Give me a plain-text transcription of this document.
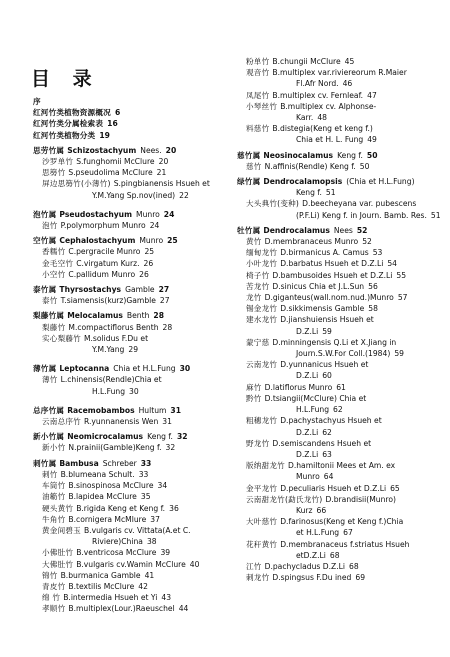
目 录
序
红河竹类植物资源概况 6
红河竹类分属检索表 16
红河竹类植物分类 19
思劳竹属 Schizostachyum Nees. 20
沙罗单竹 S.funghomii McClure 20
思簩竹 S.pseudolima McClure 21
屏边思簩竹(小薄竹) S.pingbianensis Hsueh et
Y.M.Yang Sp.nov(ined) 22
泡竹属 Pseudostachyum Munro 24
泡竹 P.polymorphum Munro 24
空竹属 Cephalostachyum Munro 25
香糯竹 C.pergracile Munro 25
金毛空竹 C.virgatum Kurz. 26
小空竹 C.pallidum Munro 26
泰竹属 Thyrsostachys Gamble 27
泰竹 T.siamensis(kurz)Gamble 27
梨藤竹属 Melocalamus Benth 28
梨藤竹 M.compactiflorus Benth 28
实心梨藤竹 M.solidus F.Du et
Y.M.Yang 29
薄竹属 Leptocanna Chia et H.L.Fung 30
薄竹 L.chinensis(Rendle)Chia et
H.L.Fung 30
总序竹属 Racemobambos Hultum 31
云南总序竹 R.yunnanensis Wen 31
新小竹属 Neomicrocalamus Keng f. 32
新小竹 N.prainii(Gamble)Keng f. 32
刺竹属 Bambusa Schreber 33
刺竹 B.blumeana Schult. 33
车筒竹 B.sinospinosa McClure 34
油簕竹 B.lapidea McClure 35
硬头黄竹 B.rigida Keng et Keng f. 36
牛角竹 B.cornigera McMlure 37
黄金间碧玉 B.vulgaris cv. Vittata(A.et C.
Riviere)China 38
小佛肚竹 B.ventricosa McClure 39
大佛肚竹 B.vulgaris cv.Wamin McClure 40
锦竹 B.burmanica Gamble 41
青皮竹 B.textilis McClure 42
绵 竹 B.intermedia Hsueh et Yi 43
孝顺竹 B.multiplex(Lour.)Raeuschel 44
粉单竹 B.chungii McClure 45
观音竹 B.multiplex var.riviereorum R.Maier
Fl.Afr Nord. 46
凤尾竹 B.multiplex cv. Fernleaf. 47
小琴丝竹 B.multiplex cv. Alphonse-
Karr. 48
料慈竹 B.distegia(Keng et keng f.)
Chia et H. L. Fung 49
慈竹属 Neosinocalamus Keng f. 50
慈竹 N.affinis(Rendle) Keng f. 50
绿竹属 Dendrocalamopsis (Chia et H.L.Fung)
Keng f. 51
大头典竹(变种) D.beecheyana var. pubescens
(P.F.Li) Keng f. in Journ. Bamb. Res. 51
牡竹属 Dendrocalamus Nees 52
黄竹 D.membranaceus Munro 52
缅甸龙竹 D.birmanicus A. Camus 53
小叶龙竹 D.barbatus Hsueh et D.Z.Li 54
椅子竹 D.bambusoides Hsueh et D.Z.Li 55
苦龙竹 D.sinicus Chia et J.L.Sun 56
龙竹 D.giganteus(wall.nom.nud.)Munro 57
锡金龙竹 D.sikkimensis Gamble 58
建水龙竹 D.jianshuiensis Hsueh et
D.Z.Li 59
蒙宁慈 D.minningensis Q.Li et X.Jiang in
Journ.S.W.For Coll.(1984) 59
云南龙竹 D.yunnanicus Hsueh et
D.Z.Li 60
麻竹 D.latiflorus Munro 61
黔竹 D.tsiangii(McClure) Chia et
H.L.Fung 62
粗穗龙竹 D.pachystachyus Hsueh et
D.Z.Li 62
野龙竹 D.semiscandens Hsueh et
D.Z.Li 63
版纳甜龙竹 D.hamiltonii Mees et Am. ex
Munro 64
金平龙竹 D.peculiaris Hsueh et D.Z.Li 65
云南甜龙竹(勐氏龙竹) D.brandisii(Munro)
Kurz 66
大叶慈竹 D.farinosus(Keng et Keng f.)Chia
et H.L.Fung 67
花秆黄竹 D.membranaceus f.striatus Hsueh
etD.Z.Li 68
江竹 D.pachycladus D.Z.Li 68
刺龙竹 D.spingsus F.Du ined 69
